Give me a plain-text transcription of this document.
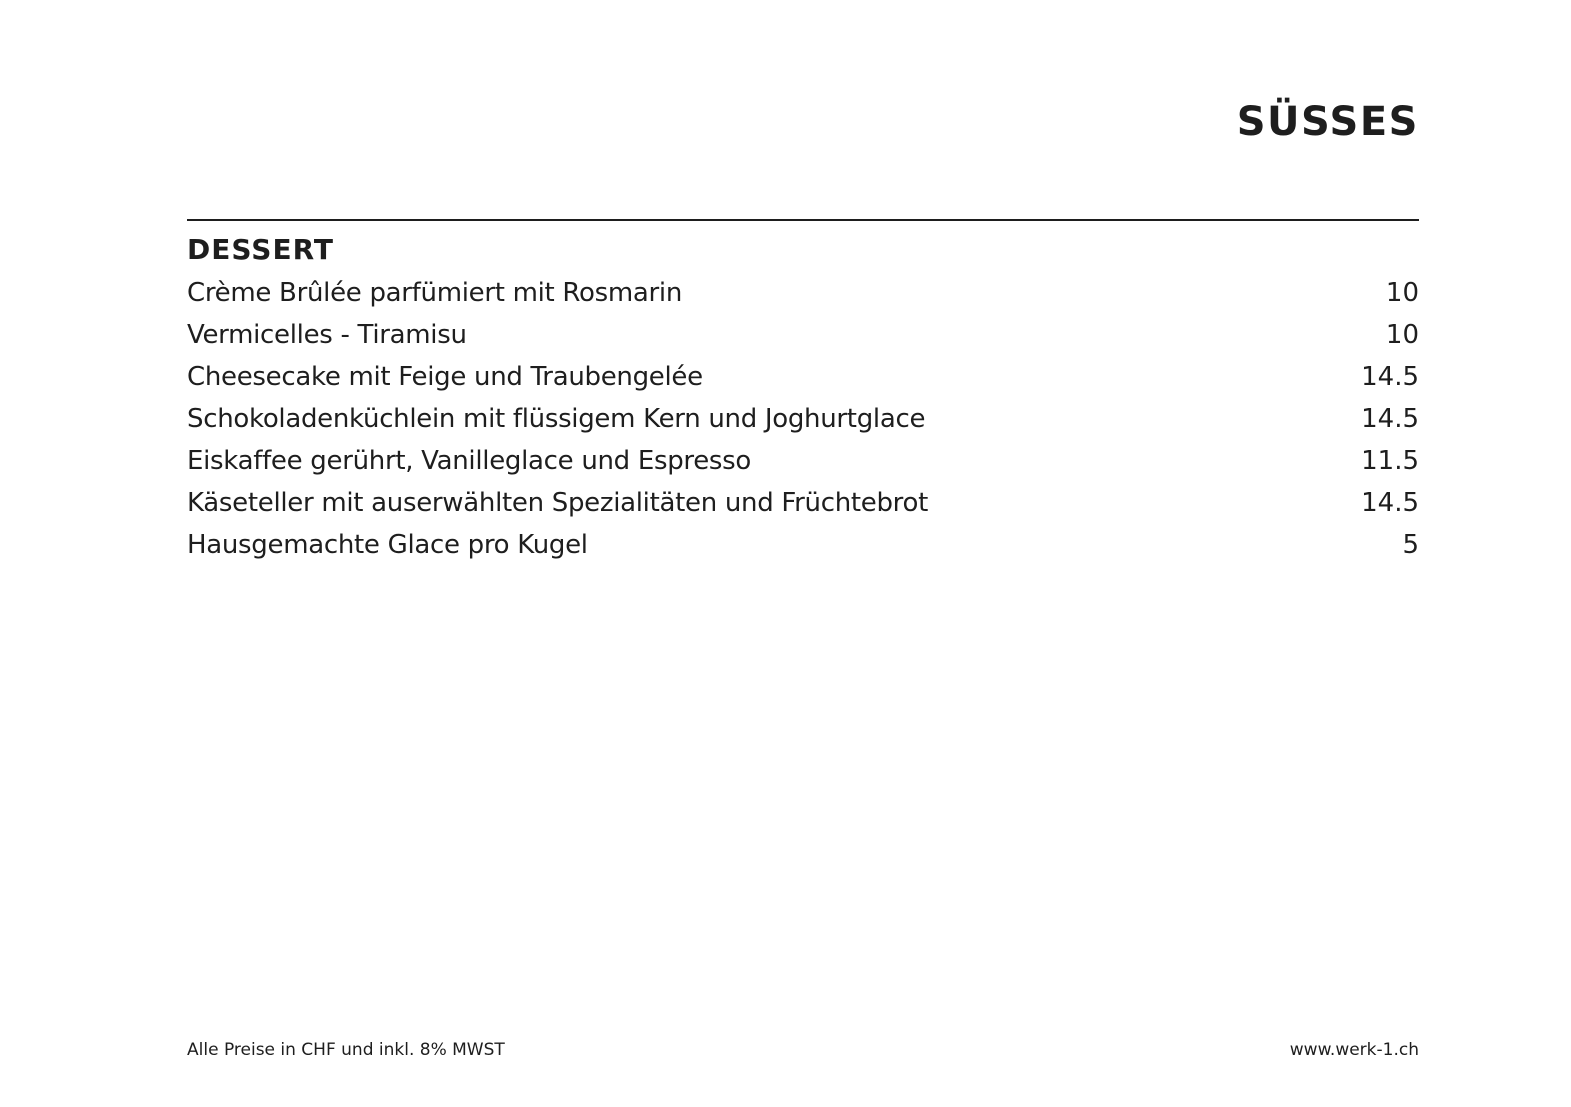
SÜSSES
DESSERT
Crème Brûlée parfümiert mit Rosmarin	10
Vermicelles - Tiramisu	10
Cheesecake mit Feige und Traubengelée	14.5
Schokoladenküchlein mit flüssigem Kern und Joghurtglace	14.5
Eiskaffee gerührt, Vanilleglace und Espresso	11.5
Käseteller mit auserwählten Spezialitäten und Früchtebrot	14.5
Hausgemachte Glace pro Kugel	5
Alle Preise in CHF und inkl. 8% MWST	www.werk-1.ch
